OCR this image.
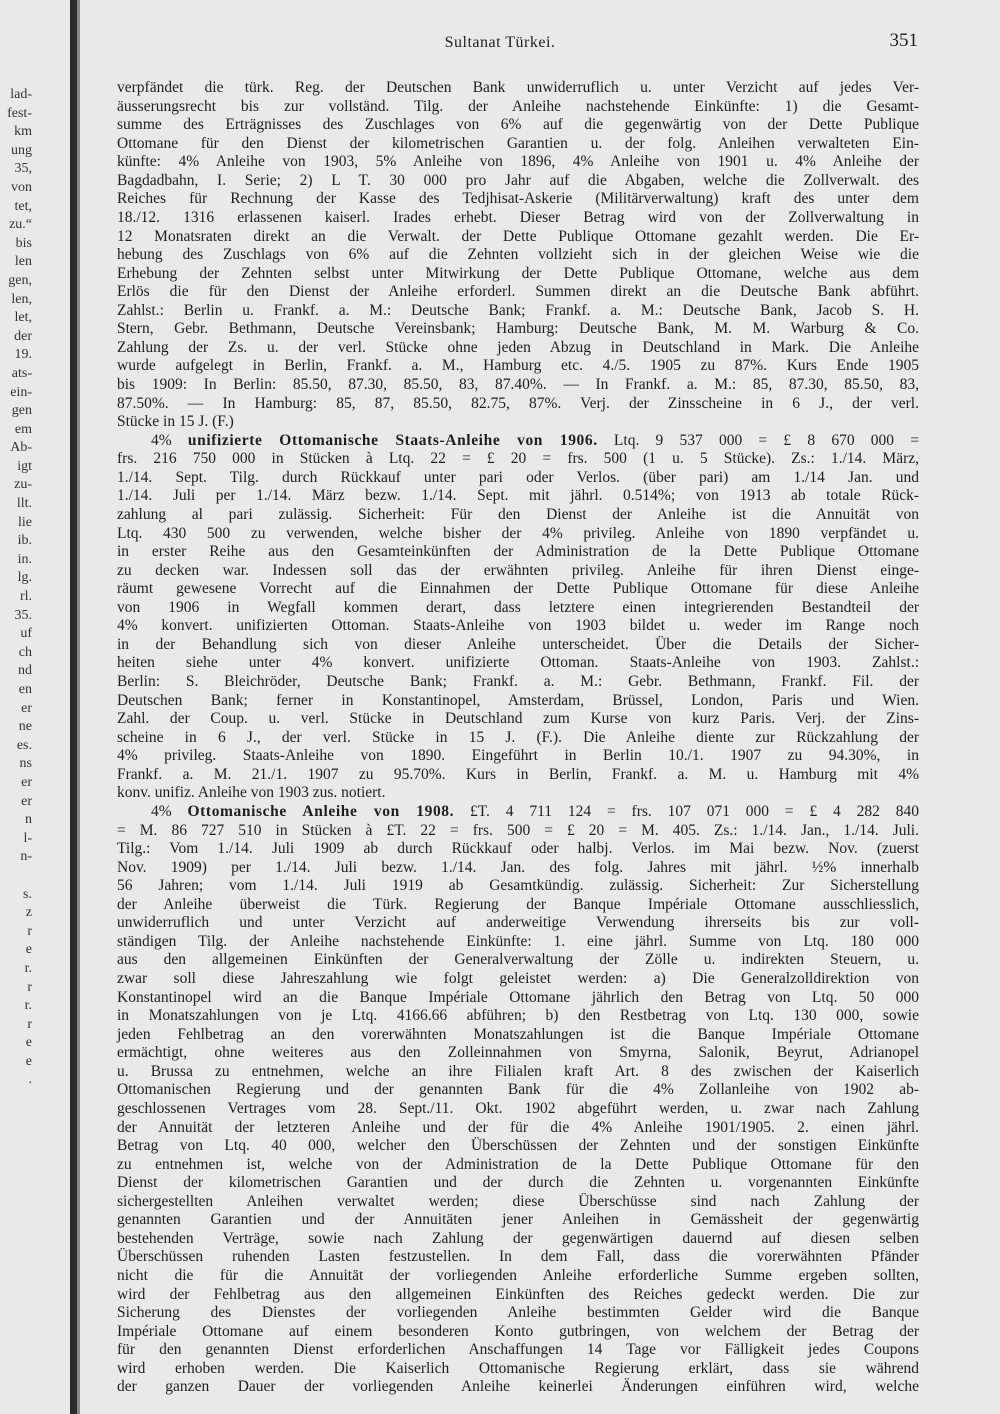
lad-
fest-
km
ung
35,
von
tet,
zu.“
bis
len
gen,
len,
let,
der
19.
ats-
ein-
gen
em
Ab-
igt
zu-
llt.
lie
ib.
in.
lg.
rl.
35.
uf
ch
nd
en
er
ne
es.
ns
er
er
n
l-
n-

s.
z
r
e
r.
r
r.
r
e
e
.
Sultanat Türkei.	351
verpfändet die türk. Reg. der Deutschen Bank unwiderruflich u. unter Verzicht auf jedes Ver-
äusserungsrecht bis zur vollständ. Tilg. der Anleihe nachstehende Einkünfte: 1) die Gesamt-
summe des Erträgnisses des Zuschlages von 6% auf die gegenwärtig von der Dette Publique
Ottomane für den Dienst der kilometrischen Garantien u. der folg. Anleihen verwalteten Ein-
künfte: 4% Anleihe von 1903, 5% Anleihe von 1896, 4% Anleihe von 1901 u. 4% Anleihe der
Bagdadbahn, I. Serie; 2) L T. 30 000 pro Jahr auf die Abgaben, welche die Zollverwalt. des
Reiches für Rechnung der Kasse des Tedjhisat-Askerie (Militärverwaltung) kraft des unter dem
18./12. 1316 erlassenen kaiserl. Irades erhebt. Dieser Betrag wird von der Zollverwaltung in
12 Monatsraten direkt an die Verwalt. der Dette Publique Ottomane gezahlt werden. Die Er-
hebung des Zuschlags von 6% auf die Zehnten vollzieht sich in der gleichen Weise wie die
Erhebung der Zehnten selbst unter Mitwirkung der Dette Publique Ottomane, welche aus dem
Erlös die für den Dienst der Anleihe erforderl. Summen direkt an die Deutsche Bank abführt.
Zahlst.: Berlin u. Frankf. a. M.: Deutsche Bank; Frankf. a. M.: Deutsche Bank, Jacob S. H.
Stern, Gebr. Bethmann, Deutsche Vereinsbank; Hamburg: Deutsche Bank, M. M. Warburg & Co.
Zahlung der Zs. u. der verl. Stücke ohne jeden Abzug in Deutschland in Mark. Die Anleihe
wurde aufgelegt in Berlin, Frankf. a. M., Hamburg etc. 4./5. 1905 zu 87%. Kurs Ende 1905
bis 1909: In Berlin: 85.50, 87.30, 85.50, 83, 87.40%. — In Frankf. a. M.: 85, 87.30, 85.50, 83,
87.50%. — In Hamburg: 85, 87, 85.50, 82.75, 87%. Verj. der Zinsscheine in 6 J., der verl.
Stücke in 15 J. (F.)
4% unifizierte Ottomanische Staats-Anleihe von 1906. Ltq. 9 537 000 = £ 8 670 000 =
frs. 216 750 000 in Stücken à Ltq. 22 = £ 20 = frs. 500 (1 u. 5 Stücke). Zs.: 1./14. März,
1./14. Sept. Tilg. durch Rückkauf unter pari oder Verlos. (über pari) am 1./14 Jan. und
1./14. Juli per 1./14. März bezw. 1./14. Sept. mit jährl. 0.514%; von 1913 ab totale Rück-
zahlung al pari zulässig. Sicherheit: Für den Dienst der Anleihe ist die Annuität von
Ltq. 430 500 zu verwenden, welche bisher der 4% privileg. Anleihe von 1890 verpfändet u.
in erster Reihe aus den Gesamteinkünften der Administration de la Dette Publique Ottomane
zu decken war. Indessen soll das der erwähnten privileg. Anleihe für ihren Dienst einge-
räumt gewesene Vorrecht auf die Einnahmen der Dette Publique Ottomane für diese Anleihe
von 1906 in Wegfall kommen derart, dass letztere einen integrierenden Bestandteil der
4% konvert. unifizierten Ottoman. Staats-Anleihe von 1903 bildet u. weder im Range noch
in der Behandlung sich von dieser Anleihe unterscheidet. Über die Details der Sicher-
heiten siehe unter 4% konvert. unifizierte Ottoman. Staats-Anleihe von 1903. Zahlst.:
Berlin: S. Bleichröder, Deutsche Bank; Frankf. a. M.: Gebr. Bethmann, Frankf. Fil. der
Deutschen Bank; ferner in Konstantinopel, Amsterdam, Brüssel, London, Paris und Wien.
Zahl. der Coup. u. verl. Stücke in Deutschland zum Kurse von kurz Paris. Verj. der Zins-
scheine in 6 J., der verl. Stücke in 15 J. (F.). Die Anleihe diente zur Rückzahlung der
4% privileg. Staats-Anleihe von 1890. Eingeführt in Berlin 10./1. 1907 zu 94.30%, in
Frankf. a. M. 21./1. 1907 zu 95.70%. Kurs in Berlin, Frankf. a. M. u. Hamburg mit 4%
konv. unifiz. Anleihe von 1903 zus. notiert.
4% Ottomanische Anleihe von 1908. £T. 4 711 124 = frs. 107 071 000 = £ 4 282 840
= M. 86 727 510 in Stücken à £T. 22 = frs. 500 = £ 20 = M. 405. Zs.: 1./14. Jan., 1./14. Juli.
Tilg.: Vom 1./14. Juli 1909 ab durch Rückkauf oder halbj. Verlos. im Mai bezw. Nov. (zuerst
Nov. 1909) per 1./14. Juli bezw. 1./14. Jan. des folg. Jahres mit jährl. ½% innerhalb
56 Jahren; vom 1./14. Juli 1919 ab Gesamtkündig. zulässig. Sicherheit: Zur Sicherstellung
der Anleihe überweist die Türk. Regierung der Banque Impériale Ottomane ausschliesslich,
unwiderruflich und unter Verzicht auf anderweitige Verwendung ihrerseits bis zur voll-
ständigen Tilg. der Anleihe nachstehende Einkünfte: 1. eine jährl. Summe von Ltq. 180 000
aus den allgemeinen Einkünften der Generalverwaltung der Zölle u. indirekten Steuern, u.
zwar soll diese Jahreszahlung wie folgt geleistet werden: a) Die Generalzolldirektion von
Konstantinopel wird an die Banque Impériale Ottomane jährlich den Betrag von Ltq. 50 000
in Monatszahlungen von je Ltq. 4166.66 abführen; b) den Restbetrag von Ltq. 130 000, sowie
jeden Fehlbetrag an den vorerwähnten Monatszahlungen ist die Banque Impériale Ottomane
ermächtigt, ohne weiteres aus den Zolleinnahmen von Smyrna, Salonik, Beyrut, Adrianopel
u. Brussa zu entnehmen, welche an ihre Filialen kraft Art. 8 des zwischen der Kaiserlich
Ottomanischen Regierung und der genannten Bank für die 4% Zollanleihe von 1902 ab-
geschlossenen Vertrages vom 28. Sept./11. Okt. 1902 abgeführt werden, u. zwar nach Zahlung
der Annuität der letzteren Anleihe und der für die 4% Anleihe 1901/1905. 2. einen jährl.
Betrag von Ltq. 40 000, welcher den Überschüssen der Zehnten und der sonstigen Einkünfte
zu entnehmen ist, welche von der Administration de la Dette Publique Ottomane für den
Dienst der kilometrischen Garantien und der durch die Zehnten u. vorgenannten Einkünfte
sichergestellten Anleihen verwaltet werden; diese Überschüsse sind nach Zahlung der
genannten Garantien und der Annuitäten jener Anleihen in Gemässheit der gegenwärtig
bestehenden Verträge, sowie nach Zahlung der gegenwärtigen dauernd auf diesen selben
Überschüssen ruhenden Lasten festzustellen. In dem Fall, dass die vorerwähnten Pfänder
nicht die für die Annuität der vorliegenden Anleihe erforderliche Summe ergeben sollten,
wird der Fehlbetrag aus den allgemeinen Einkünften des Reiches gedeckt werden. Die zur
Sicherung des Dienstes der vorliegenden Anleihe bestimmten Gelder wird die Banque
Impériale Ottomane auf einem besonderen Konto gutbringen, von welchem der Betrag der
für den genannten Dienst erforderlichen Anschaffungen 14 Tage vor Fälligkeit jedes Coupons
wird erhoben werden. Die Kaiserlich Ottomanische Regierung erklärt, dass sie während
der ganzen Dauer der vorliegenden Anleihe keinerlei Änderungen einführen wird, welche
